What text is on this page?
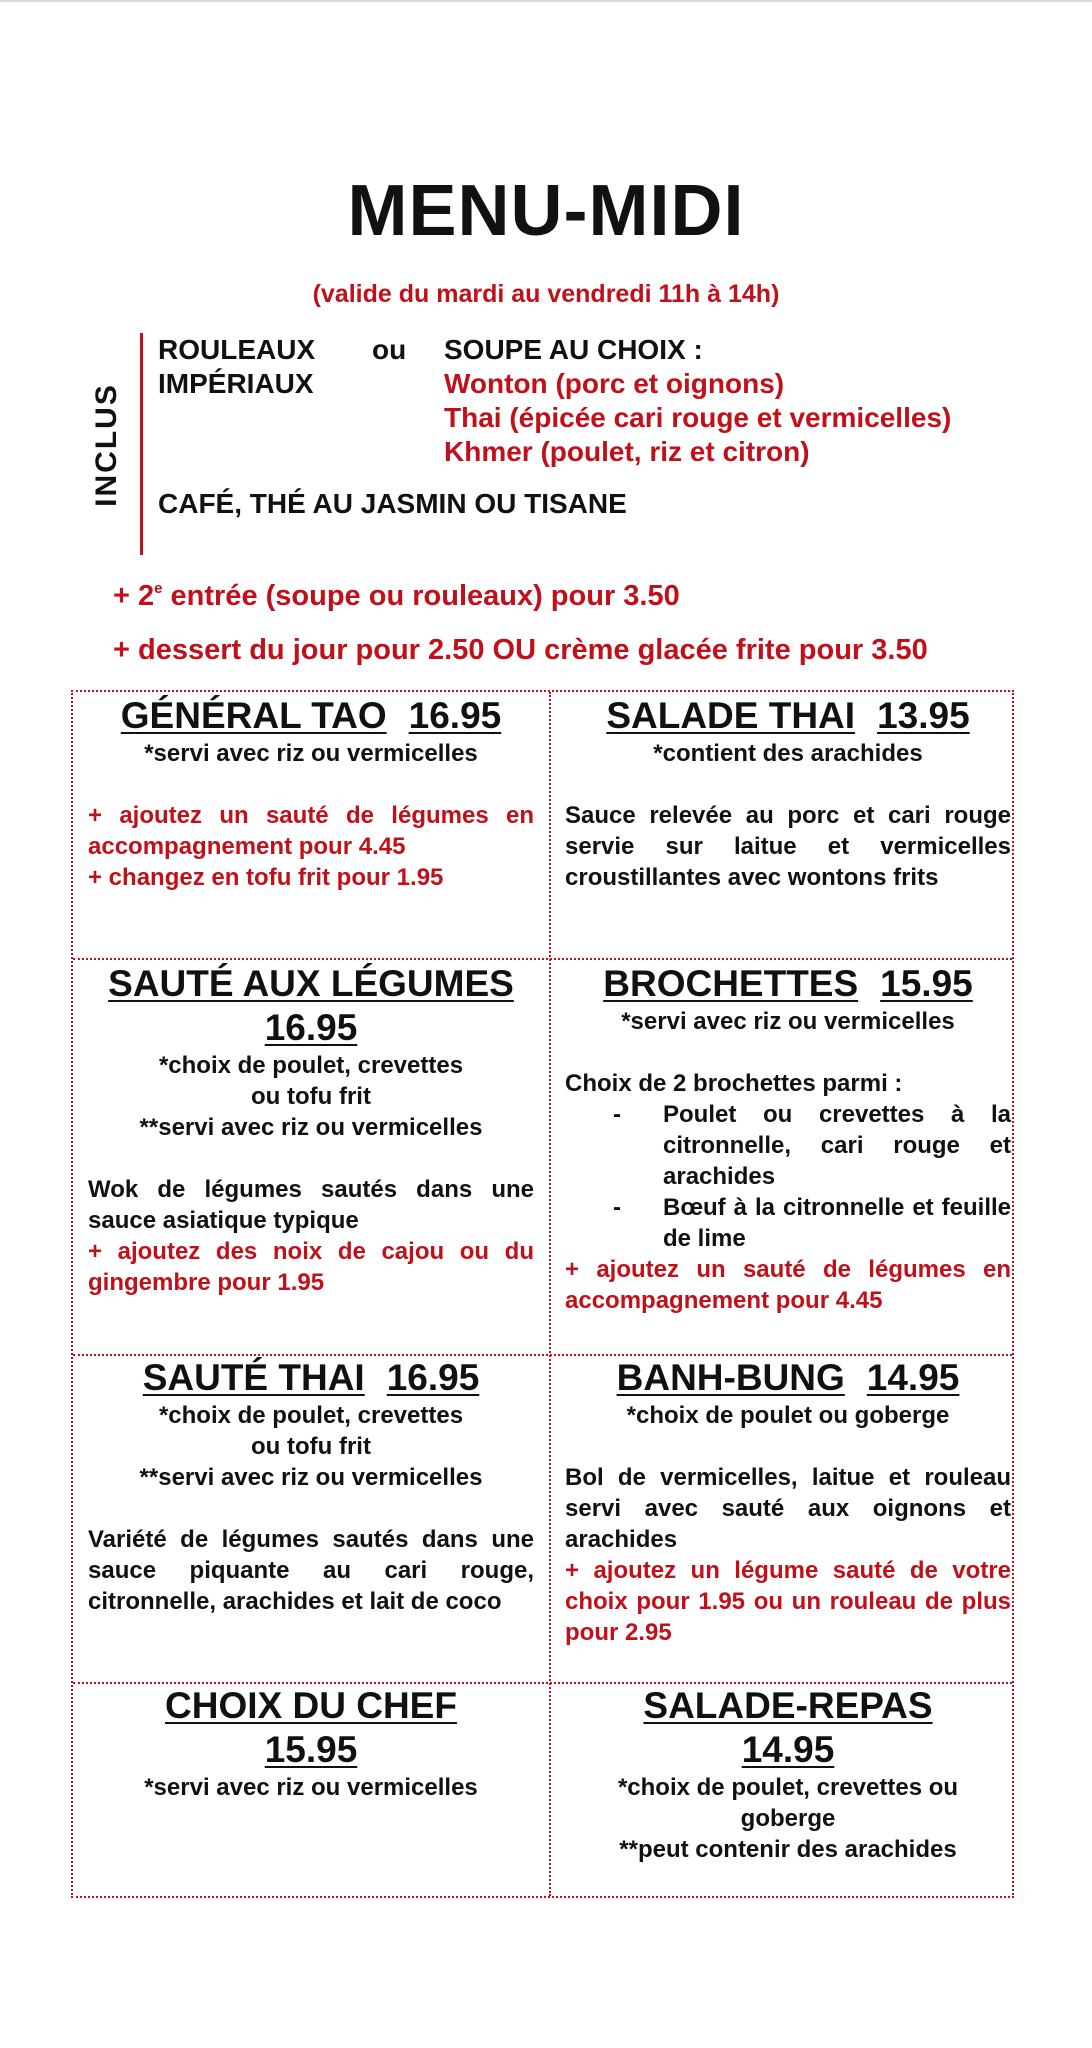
MENU-MIDI
(valide du mardi au vendredi 11h à 14h)
INCLUS
ROULEAUX
IMPÉRIAUX
ou SOUPE AU CHOIX :
Wonton (porc et oignons)
Thai (épicée cari rouge et vermicelles)
Khmer (poulet, riz et citron)
CAFÉ, THÉ AU JASMIN OU TISANE
+ $2^e$ entrée (soupe ou rouleaux) pour 3.50
+ dessert du jour pour 2.50 OU crème glacée frite pour 3.50
GÉNÉRAL TAO 16.95
*servi avec riz ou vermicelles
+ ajoutez un sauté de légumes en accompagnement pour 4.45
+ changez en tofu frit pour 1.95
SALADE THAI 13.95
*contient des arachides
Sauce relevée au porc et cari rouge servie sur laitue et vermicelles croustillantes avec wontons frits
SAUTÉ AUX LÉGUMES
16.95
*choix de poulet, crevettes ou tofu frit
**servi avec riz ou vermicelles
Wok de légumes sautés dans une sauce asiatique typique
+ ajoutez des noix de cajou ou du gingembre pour 1.95
BROCHETTES 15.95
*servi avec riz ou vermicelles
Choix de 2 brochettes parmi :
- Poulet ou crevettes à la citronnelle, cari rouge et arachides
- Bœuf à la citronnelle et feuille de lime
+ ajoutez un sauté de légumes en accompagnement pour 4.45
SAUTÉ THAI 16.95
*choix de poulet, crevettes ou tofu frit
**servi avec riz ou vermicelles
Variété de légumes sautés dans une sauce piquante au cari rouge, citronnelle, arachides et lait de coco
BANH-BUNG 14.95
*choix de poulet ou goberge
Bol de vermicelles, laitue et rouleau servi avec sauté aux oignons et arachides
+ ajoutez un légume sauté de votre choix pour 1.95 ou un rouleau de plus pour 2.95
CHOIX DU CHEF
15.95
*servi avec riz ou vermicelles
SALADE-REPAS
14.95
*choix de poulet, crevettes ou goberge
**peut contenir des arachides
